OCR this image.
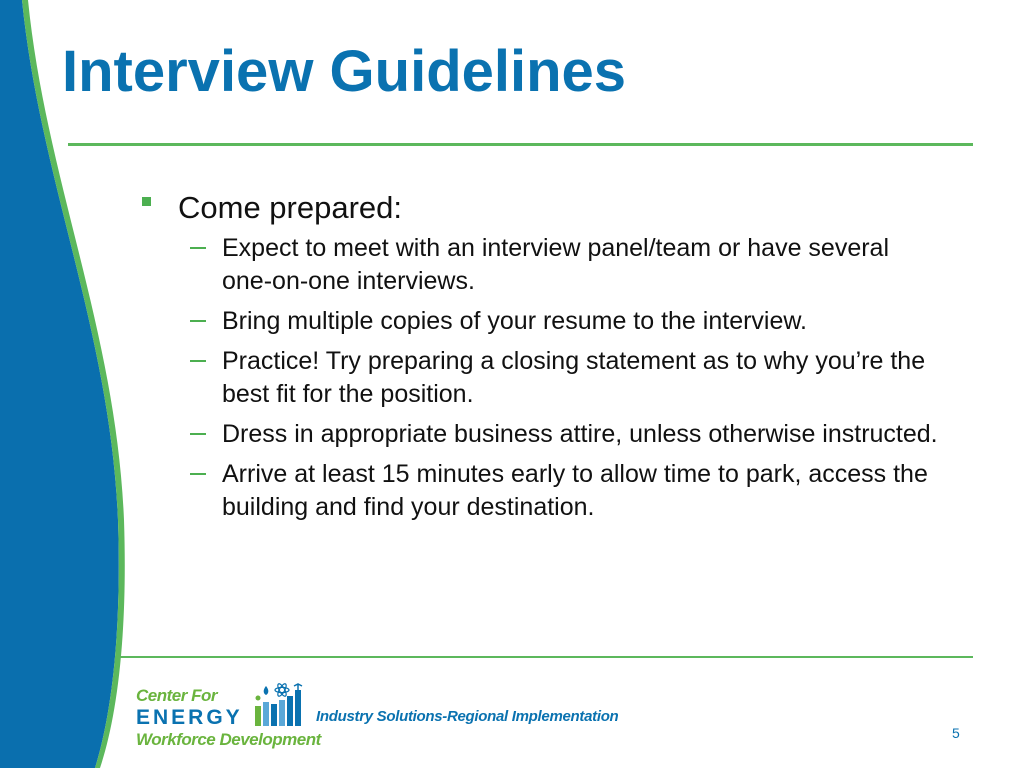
Interview Guidelines
Come prepared:
Expect to meet with an interview panel/team or have several one-on-one interviews.
Bring multiple copies of your resume to the interview.
Practice! Try preparing a closing statement as to why you’re the best fit for the position.
Dress in appropriate business attire, unless otherwise instructed.
Arrive at least 15 minutes early to allow time to park, access the building and find your destination.
Center For
ENERGY
Workforce Development
Industry Solutions-Regional Implementation
5
